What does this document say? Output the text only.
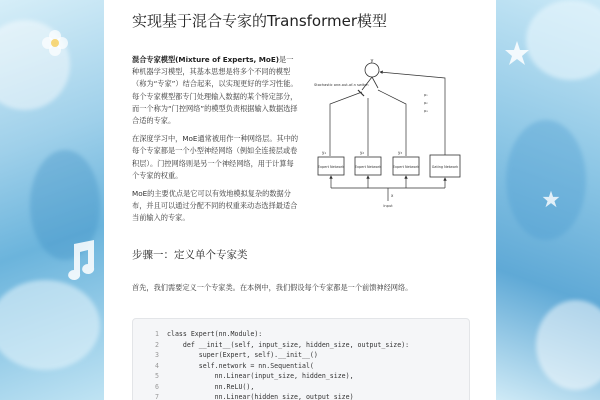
实现基于混合专家的Transformer模型

混合专家模型(Mixture of Experts, MoE)是一种机器学习模型，其基本思想是将多个不同的模型（称为“专家”）结合起来，以实现更好的学习性能。每个专家模型都专门处理输入数据的某个特定部分，而一个称为“门控网络”的模型负责根据输入数据选择合适的专家。

在深度学习中，MoE通常被用作一种网络层。其中的每个专家都是一个小型神经网络（例如全连接层或卷积层）。门控网络则是另一个神经网络，用于计算每个专家的权重。

MoE的主要优点是它可以有效地模拟复杂的数据分布，并且可以通过分配不同的权重来动态选择最适合当前输入的专家。

y
Stochastic one-out-of-n switch
y₁	y₂	y₃
p₁
p₂
p₃
Expert Network	Expert Network	Expert Network	Gating Network
x
Input
步骤一：定义单个专家类

首先，我们需要定义一个专家类。在本例中，我们假设每个专家都是一个前馈神经网络。

1	class Expert(nn.Module):
2	def __init__(self, input_size, hidden_size, output_size):
3	super(Expert, self).__init__()
4	self.network = nn.Sequential(
5	nn.Linear(input_size, hidden_size),
6	nn.ReLU(),
7	nn.Linear(hidden_size, output_size)
